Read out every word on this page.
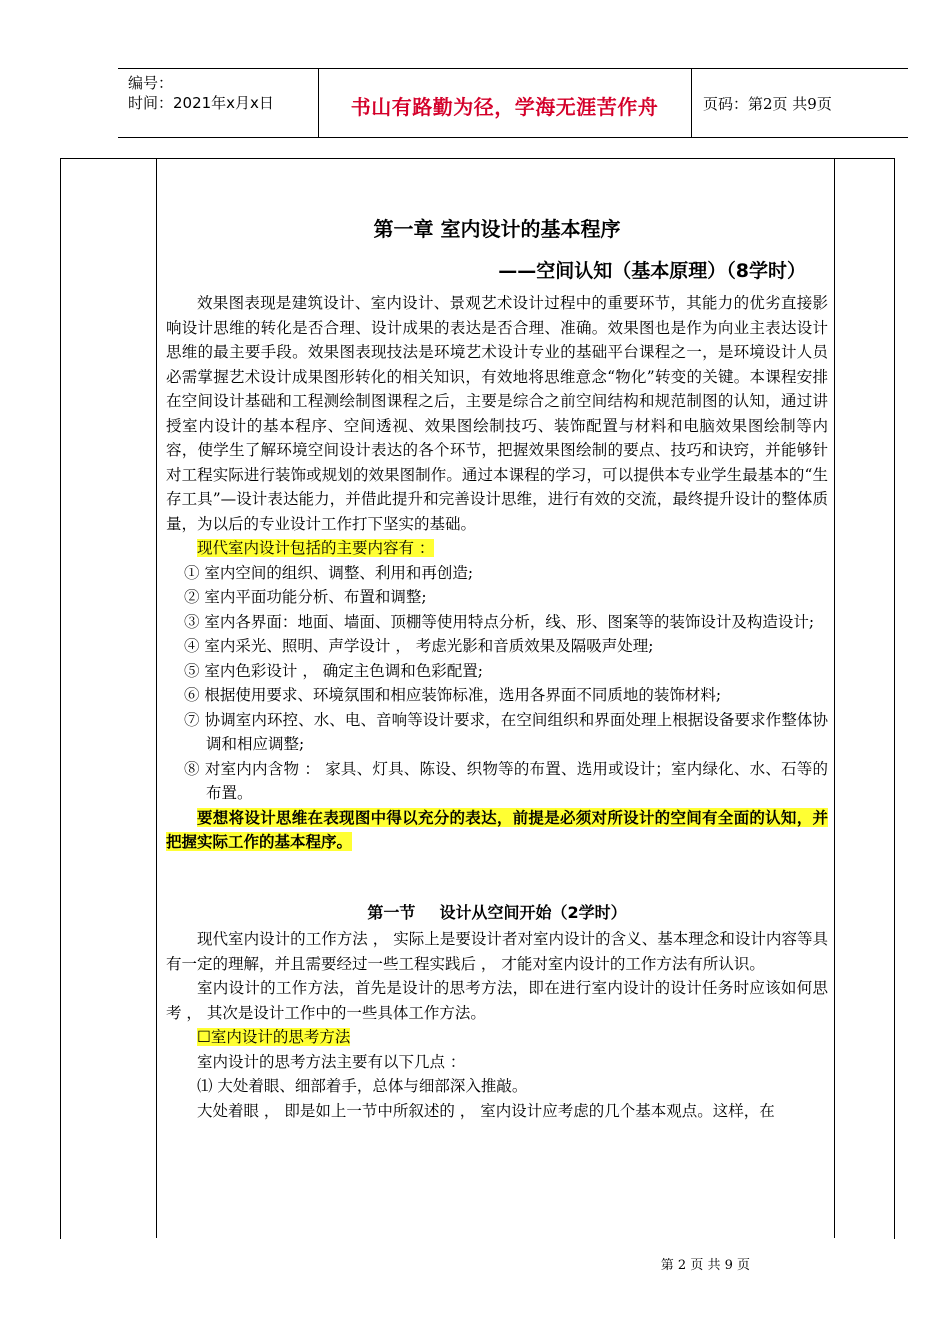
编号：
时间：2021年x月x日	书山有路勤为径，学海无涯苦作舟	页码：第2页 共9页

第一章 室内设计的基本程序

——空间认知（基本原理）（8学时）

效果图表现是建筑设计、室内设计、景观艺术设计过程中的重要环节，其能力的优劣直接影响设计思维的转化是否合理、设计成果的表达是否合理、准确。效果图也是作为向业主表达设计思维的最主要手段。效果图表现技法是环境艺术设计专业的基础平台课程之一，是环境设计人员必需掌握艺术设计成果图形转化的相关知识，有效地将思维意念“物化”转变的关键。本课程安排在空间设计基础和工程测绘制图课程之后，主要是综合之前空间结构和规范制图的认知，通过讲授室内设计的基本程序、空间透视、效果图绘制技巧、装饰配置与材料和电脑效果图绘制等内容，使学生了解环境空间设计表达的各个环节，把握效果图绘制的要点、技巧和诀窍，并能够针对工程实际进行装饰或规划的效果图制作。通过本课程的学习，可以提供本专业学生最基本的“生存工具”—设计表达能力，并借此提升和完善设计思维，进行有效的交流，最终提升设计的整体质量，为以后的专业设计工作打下坚实的基础。

现代室内设计包括的主要内容有 ：

① 室内空间的组织、调整、利用和再创造;

② 室内平面功能分析、布置和调整;

③ 室内各界面：地面、墙面、顶棚等使用特点分析，线、形、图案等的装饰设计及构造设计;

④ 室内采光、照明、声学设计 ， 考虑光影和音质效果及隔吸声处理;

⑤ 室内色彩设计 ， 确定主色调和色彩配置;

⑥ 根据使用要求、环境氛围和相应装饰标准，选用各界面不同质地的装饰材料;

⑦ 协调室内环控、水、电、音响等设计要求，在空间组织和界面处理上根据设备要求作整体协调和相应调整;

⑧ 对室内内含物 ： 家具、灯具、陈设、织物等的布置、选用或设计；室内绿化、水、石等的布置。

要想将设计思维在表现图中得以充分的表达，前提是必须对所设计的空间有全面的认知，并把握实际工作的基本程序。

第一节 设计从空间开始（2学时）

现代室内设计的工作方法 ， 实际上是要设计者对室内设计的含义、基本理念和设计内容等具有一定的理解，并且需要经过一些工程实践后 ， 才能对室内设计的工作方法有所认识。

室内设计的工作方法，首先是设计的思考方法，即在进行室内设计的设计任务时应该如何思考 ， 其次是设计工作中的一些具体工作方法。

☐室内设计的思考方法

室内设计的思考方法主要有以下几点 ：

⑴ 大处着眼、细部着手，总体与细部深入推敲。

大处着眼 ， 即是如上一节中所叙述的 ， 室内设计应考虑的几个基本观点。这样，在

第 2 页 共 9 页
